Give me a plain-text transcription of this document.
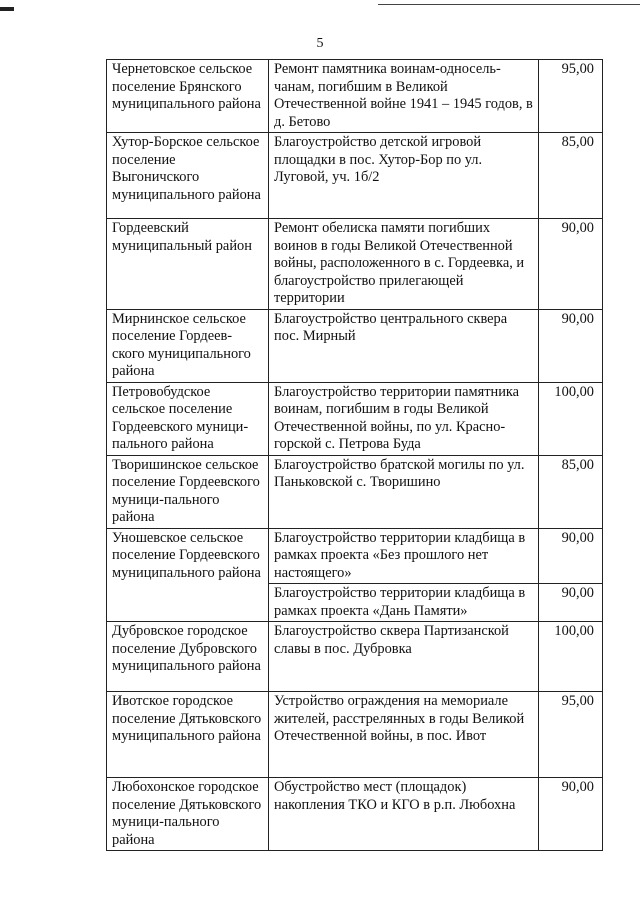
5
Чернетовское сельское поселение Брянского муниципального района	Ремонт памятника воинам-односель-чанам, погибшим в Великой Отечественной войне 1941 – 1945 годов, в д. Бетово	95,00
Хутор-Борское сельское поселение Выгоничского муниципального района	Благоустройство детской игровой площадки в пос. Хутор-Бор по ул. Луговой, уч. 1б/2	85,00
Гордеевский муниципальный район	Ремонт обелиска памяти погибших воинов в годы Великой Отечественной войны, расположенного в с. Гордеевка, и благоустройство прилегающей территории	90,00
Мирнинское сельское поселение Гордеев-ского муниципального района	Благоустройство центрального сквера пос. Мирный	90,00
Петровобудское сельское поселение Гордеевского муници-пального района	Благоустройство территории памятника воинам, погибшим в годы Великой Отечественной войны, по ул. Красно-горской с. Петрова Буда	100,00
Творишинское сельское поселение Гордеевского муници-пального района	Благоустройство братской могилы по ул. Паньковской с. Творишино	85,00
Уношевское сельское поселение Гордеевского муниципального района	Благоустройство территории кладбища в рамках проекта «Без прошлого нет настоящего»	90,00
	Благоустройство территории кладбища в рамках проекта «Дань Памяти»	90,00
Дубровское городское поселение Дубровского муниципального района	Благоустройство сквера Партизанской славы в пос. Дубровка	100,00
Ивотское городское поселение Дятьковского муниципального района	Устройство ограждения на мемориале жителей, расстрелянных в годы Великой Отечественной войны, в пос. Ивот	95,00
Любохонское городское поселение Дятьковского муници-пального района	Обустройство мест (площадок) накопления ТКО и КГО в р.п. Любохна	90,00
